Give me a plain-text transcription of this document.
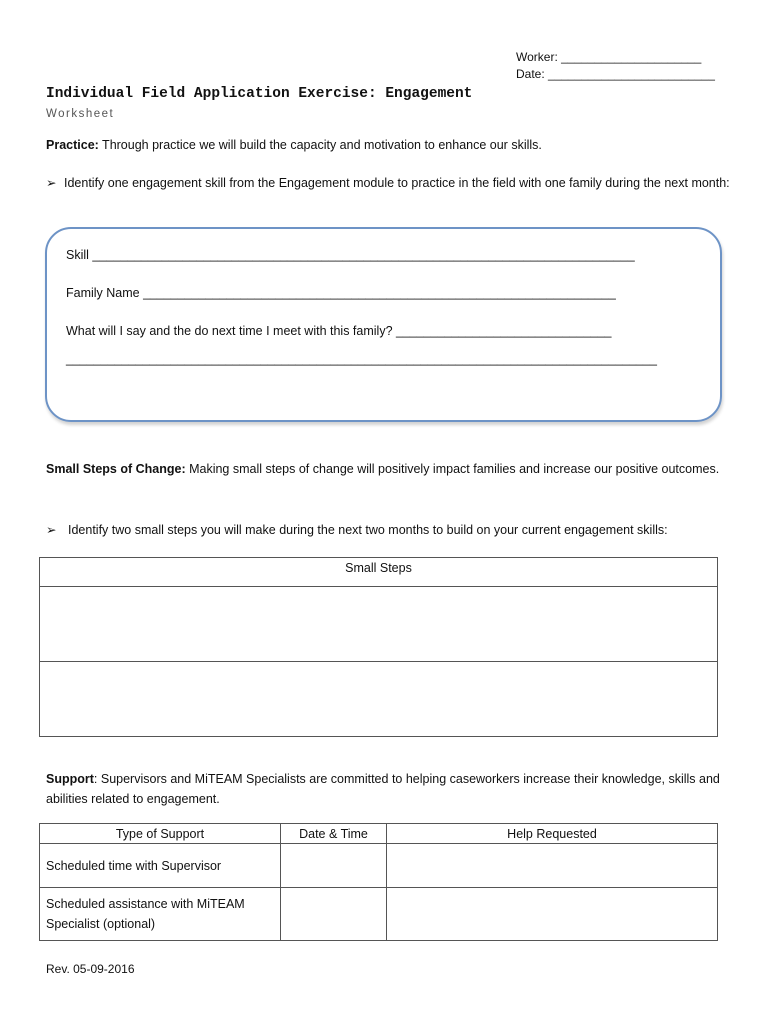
Worker: _____________________
Date: _________________________
Individual Field Application Exercise: Engagement
Worksheet
Practice: Through practice we will build the capacity and motivation to enhance our skills.
➢ Identify one engagement skill from the Engagement module to practice in the field with one family during the next month:
Skill ______________________________________________________________________________
Family Name ____________________________________________________________________
What will I say and the do next time I meet with this family? _______________________________
_____________________________________________________________________________________
Small Steps of Change: Making small steps of change will positively impact families and increase our positive outcomes.
➢ Identify two small steps you will make during the next two months to build on your current engagement skills:
Small Steps

Support: Supervisors and MiTEAM Specialists are committed to helping caseworkers increase their knowledge, skills and abilities related to engagement.
Type of Support	Date & Time	Help Requested
Scheduled time with Supervisor		
Scheduled assistance with MiTEAM Specialist (optional)		
Rev. 05-09-2016
